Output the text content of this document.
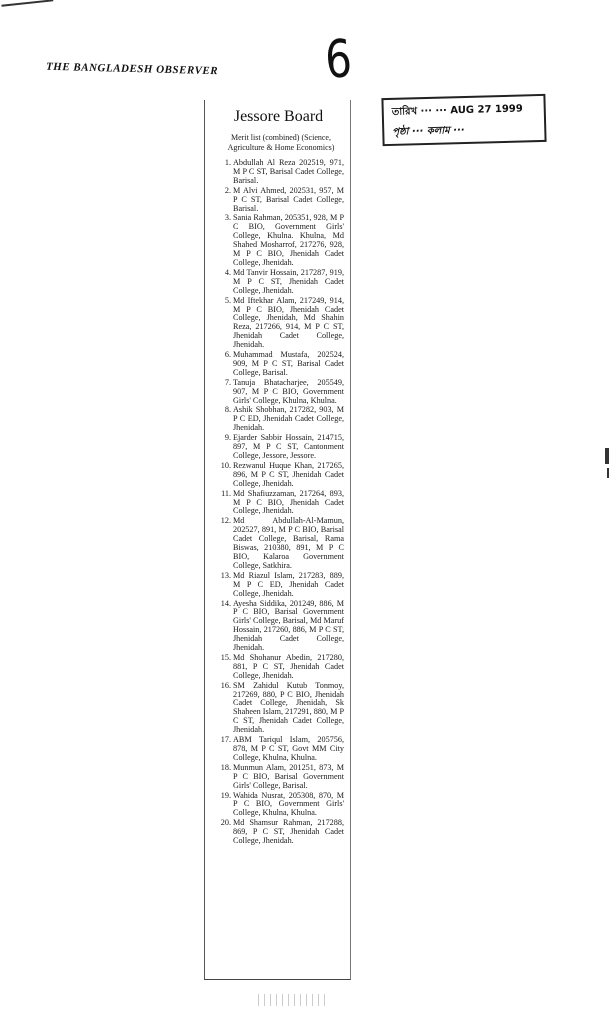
THE BANGLADESH OBSERVER 6
তারিখ ··· ··· AUG 27 1999
পৃষ্ঠা ··· কলাম ···
Jessore Board
Merit list (combined) (Science, Agriculture & Home Economics)
1. Abdullah Al Reza 202519, 971, M P C ST, Barisal Cadet College, Barisal.
2. M Alvi Ahmed, 202531, 957, M P C ST, Barisal Cadet College, Barisal.
3. Sania Rahman, 205351, 928, M P C BIO, Government Girls' College, Khulna. Khulna, Md Shahed Mosharrof, 217276, 928, M P C BIO, Jhenidah Cadet College, Jhenidah.
4. Md Tanvir Hossain, 217287, 919, M P C ST, Jhenidah Cadet College, Jhenidah.
5. Md Iftekhar Alam, 217249, 914, M P C BIO, Jhenidah Cadet College, Jhenidah, Md Shahin Reza, 217266, 914, M P C ST, Jhenidah Cadet College, Jhenidah.
6. Muhammad Mustafa, 202524, 909, M P C ST, Barisal Cadet College, Barisal.
7. Tanuja Bhatacharjee, 205549, 907, M P C BIO, Government Girls' College, Khulna, Khulna.
8. Ashik Shobhan, 217282, 903, M P C ED, Jhenidah Cadet College, Jhenidah.
9. Ejarder Sabbir Hossain, 214715, 897, M P C ST, Cantonment College, Jessore, Jessore.
10. Rezwanul Huque Khan, 217265, 896, M P C ST, Jhenidah Cadet College, Jhenidah.
11. Md Shafiuzzaman, 217264, 893, M P C BIO, Jhenidah Cadet College, Jhenidah.
12. Md Abdullah-Al-Mamun, 202527, 891, M P C BIO, Barisal Cadet College, Barisal, Rama Biswas, 210380, 891, M P C BIO, Kalaroa Government College, Satkhira.
13. Md Riazul Islam, 217283, 889, M P C ED, Jhenidah Cadet College, Jhenidah.
14. Ayesha Siddika, 201249, 886, M P C BIO, Barisal Government Girls' College, Barisal, Md Maruf Hossain, 217260, 886, M P C ST, Jhenidah Cadet College, Jhenidah.
15. Md Shohanur Abedin, 217280, 881, P C ST, Jhenidah Cadet College, Jhenidah.
16. SM Zahidul Kutub Tonmoy, 217269, 880, P C BIO, Jhenidah Cadet College, Jhenidah, Sk Shaheen Islam, 217291, 880, M P C ST, Jhenidah Cadet College, Jhenidah.
17. ABM Tariqul Islam, 205756, 878, M P C ST, Govt MM City College, Khulna, Khulna.
18. Munmun Alam, 201251, 873, M P C BIO, Barisal Government Girls' College, Barisal.
19. Wahida Nusrat, 205308, 870, M P C BIO, Government Girls' College, Khulna, Khulna.
20. Md Shamsur Rahman, 217288, 869, P C ST, Jhenidah Cadet College, Jhenidah.
